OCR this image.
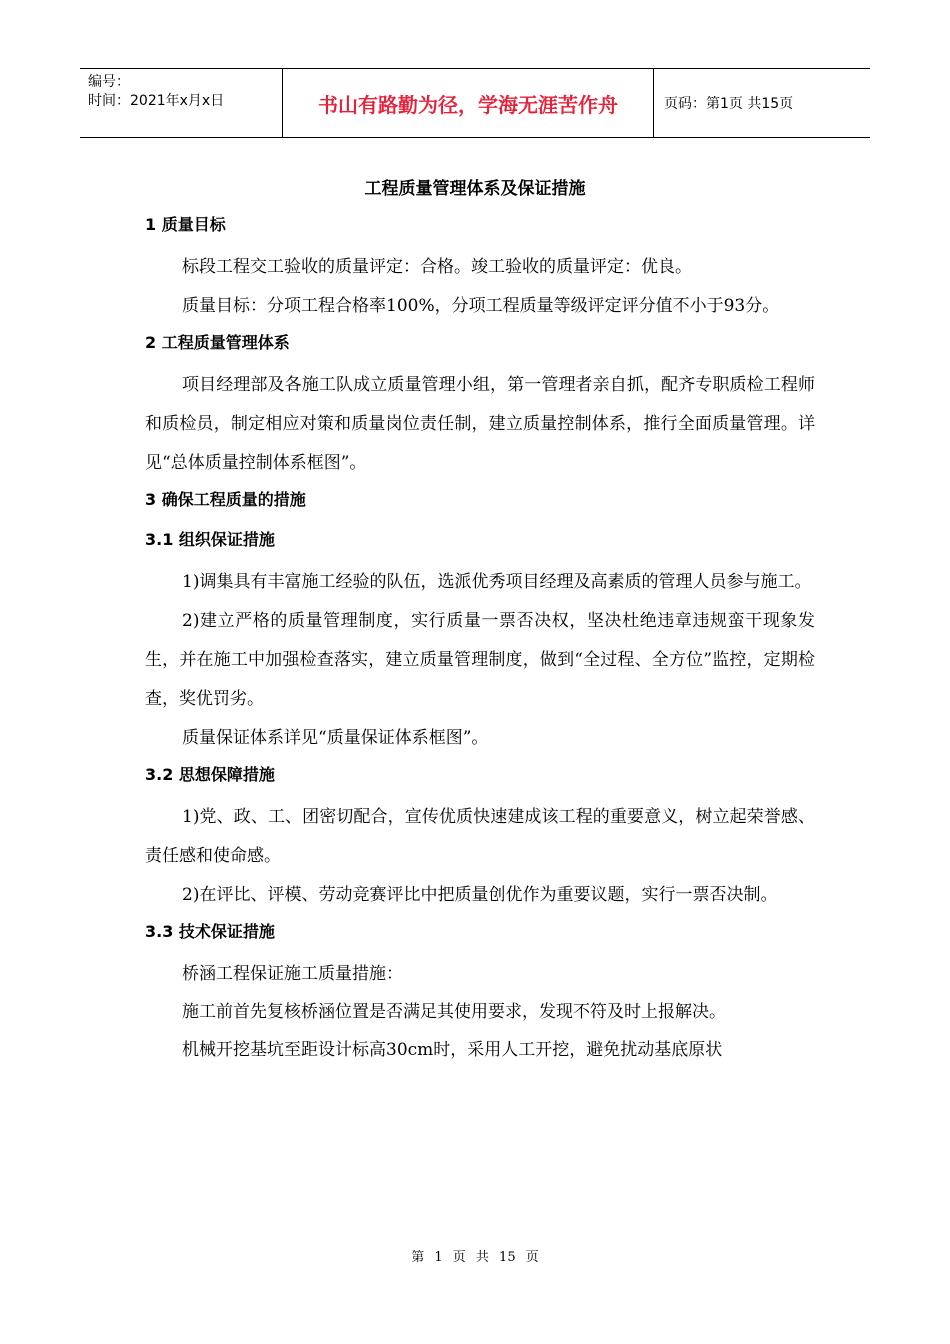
编号：
时间：2021年x月x日	书山有路勤为径，学海无涯苦作舟	页码：第1页 共15页
工程质量管理体系及保证措施
1 质量目标

标段工程交工验收的质量评定：合格。竣工验收的质量评定：优良。

质量目标：分项工程合格率100%，分项工程质量等级评定评分值不小于93分。

2 工程质量管理体系

项目经理部及各施工队成立质量管理小组，第一管理者亲自抓，配齐专职质检工程师和质检员，制定相应对策和质量岗位责任制，建立质量控制体系，推行全面质量管理。详见“总体质量控制体系框图”。

3 确保工程质量的措施
3.1 组织保证措施

1)调集具有丰富施工经验的队伍，选派优秀项目经理及高素质的管理人员参与施工。

2)建立严格的质量管理制度，实行质量一票否决权，坚决杜绝违章违规蛮干现象发生，并在施工中加强检查落实，建立质量管理制度，做到“全过程、全方位”监控，定期检查，奖优罚劣。

质量保证体系详见“质量保证体系框图”。

3.2 思想保障措施

1)党、政、工、团密切配合，宣传优质快速建成该工程的重要意义，树立起荣誉感、责任感和使命感。

2)在评比、评模、劳动竞赛评比中把质量创优作为重要议题，实行一票否决制。

3.3 技术保证措施

桥涵工程保证施工质量措施：

施工前首先复核桥涵位置是否满足其使用要求，发现不符及时上报解决。

机械开挖基坑至距设计标高30cm时，采用人工开挖，避免扰动基底原状

第 1 页 共 15 页
